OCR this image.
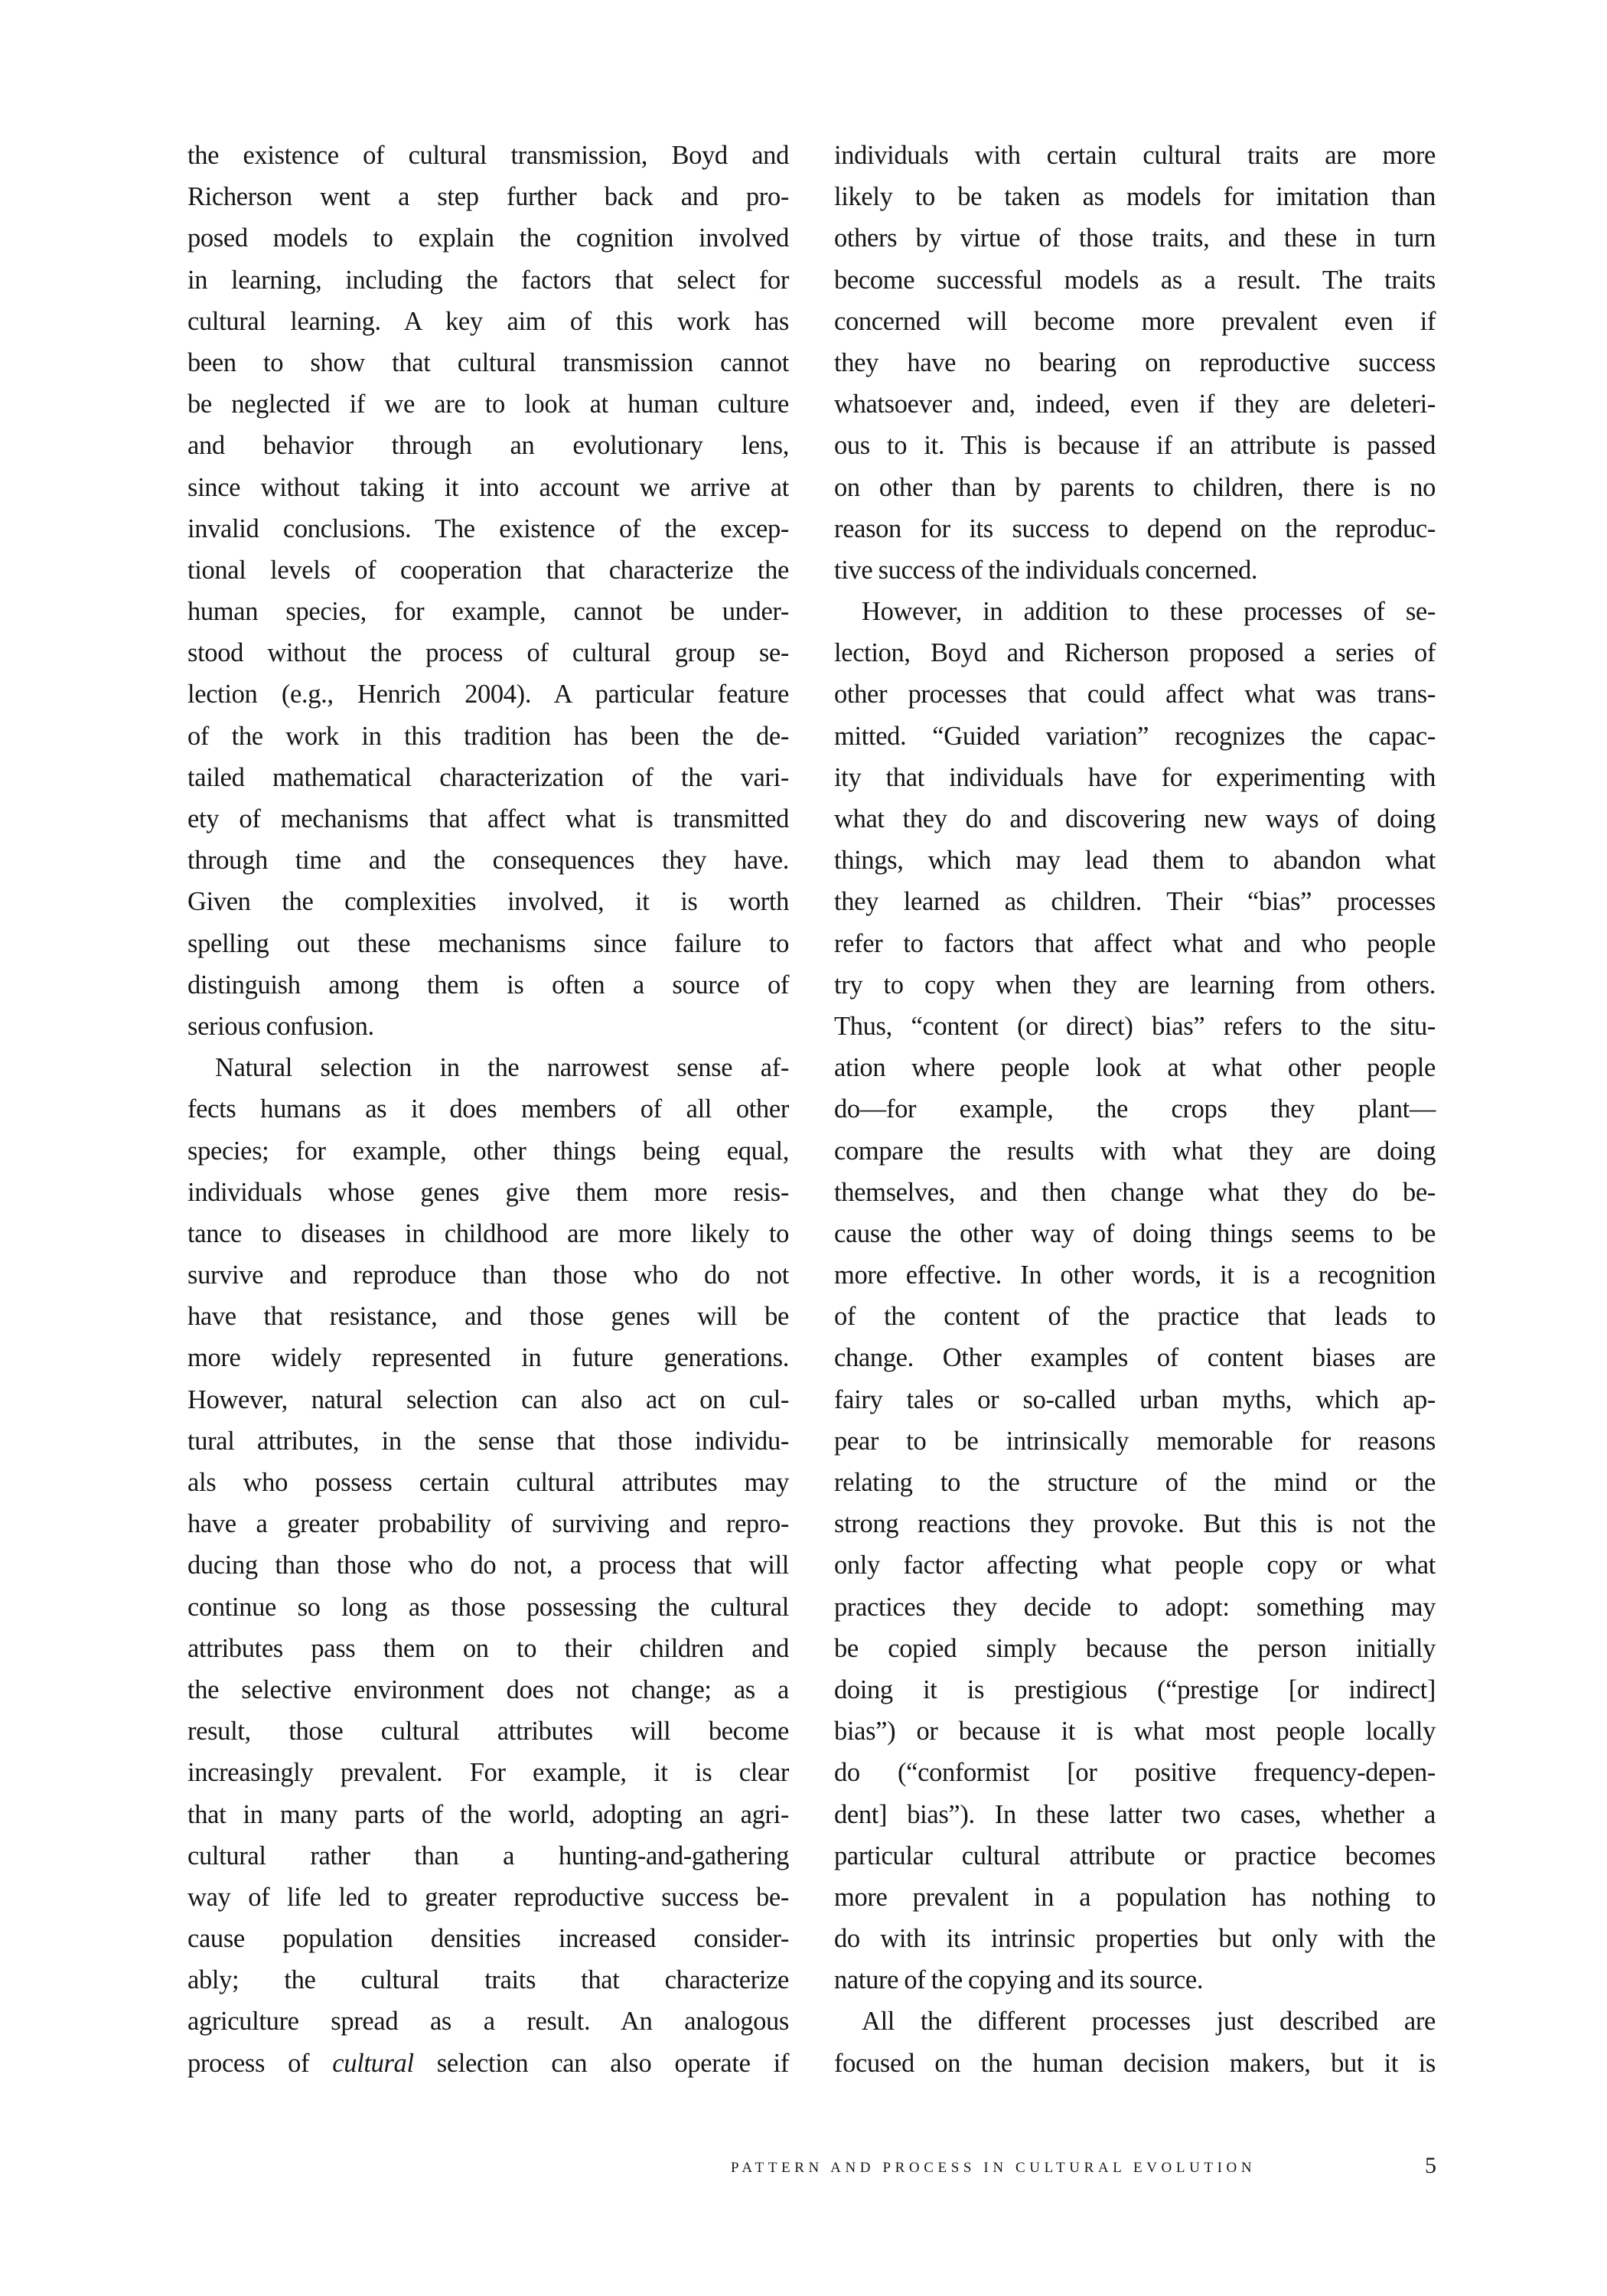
the existence of cultural transmission, Boyd and
Richerson went a step further back and pro-
posed models to explain the cognition involved
in learning, including the factors that select for
cultural learning. A key aim of this work has
been to show that cultural transmission cannot
be neglected if we are to look at human culture
and behavior through an evolutionary lens,
since without taking it into account we arrive at
invalid conclusions. The existence of the excep-
tional levels of cooperation that characterize the
human species, for example, cannot be under-
stood without the process of cultural group se-
lection (e.g., Henrich 2004). A particular feature
of the work in this tradition has been the de-
tailed mathematical characterization of the vari-
ety of mechanisms that affect what is transmitted
through time and the consequences they have.
Given the complexities involved, it is worth
spelling out these mechanisms since failure to
distinguish among them is often a source of
serious confusion.
Natural selection in the narrowest sense af-
fects humans as it does members of all other
species; for example, other things being equal,
individuals whose genes give them more resis-
tance to diseases in childhood are more likely to
survive and reproduce than those who do not
have that resistance, and those genes will be
more widely represented in future generations.
However, natural selection can also act on cul-
tural attributes, in the sense that those individu-
als who possess certain cultural attributes may
have a greater probability of surviving and repro-
ducing than those who do not, a process that will
continue so long as those possessing the cultural
attributes pass them on to their children and
the selective environment does not change; as a
result, those cultural attributes will become
increasingly prevalent. For example, it is clear
that in many parts of the world, adopting an agri-
cultural rather than a hunting-and-gathering
way of life led to greater reproductive success be-
cause population densities increased consider-
ably; the cultural traits that characterize
agriculture spread as a result. An analogous
process of cultural selection can also operate if
individuals with certain cultural traits are more
likely to be taken as models for imitation than
others by virtue of those traits, and these in turn
become successful models as a result. The traits
concerned will become more prevalent even if
they have no bearing on reproductive success
whatsoever and, indeed, even if they are deleteri-
ous to it. This is because if an attribute is passed
on other than by parents to children, there is no
reason for its success to depend on the reproduc-
tive success of the individuals concerned.
However, in addition to these processes of se-
lection, Boyd and Richerson proposed a series of
other processes that could affect what was trans-
mitted. “Guided variation” recognizes the capac-
ity that individuals have for experimenting with
what they do and discovering new ways of doing
things, which may lead them to abandon what
they learned as children. Their “bias” processes
refer to factors that affect what and who people
try to copy when they are learning from others.
Thus, “content (or direct) bias” refers to the situ-
ation where people look at what other people
do—for example, the crops they plant—
compare the results with what they are doing
themselves, and then change what they do be-
cause the other way of doing things seems to be
more effective. In other words, it is a recognition
of the content of the practice that leads to
change. Other examples of content biases are
fairy tales or so-called urban myths, which ap-
pear to be intrinsically memorable for reasons
relating to the structure of the mind or the
strong reactions they provoke. But this is not the
only factor affecting what people copy or what
practices they decide to adopt: something may
be copied simply because the person initially
doing it is prestigious (“prestige [or indirect]
bias”) or because it is what most people locally
do (“conformist [or positive frequency-depen-
dent] bias”). In these latter two cases, whether a
particular cultural attribute or practice becomes
more prevalent in a population has nothing to
do with its intrinsic properties but only with the
nature of the copying and its source.
All the different processes just described are
focused on the human decision makers, but it is
PATTERN AND PROCESS IN CULTURAL EVOLUTION	5
